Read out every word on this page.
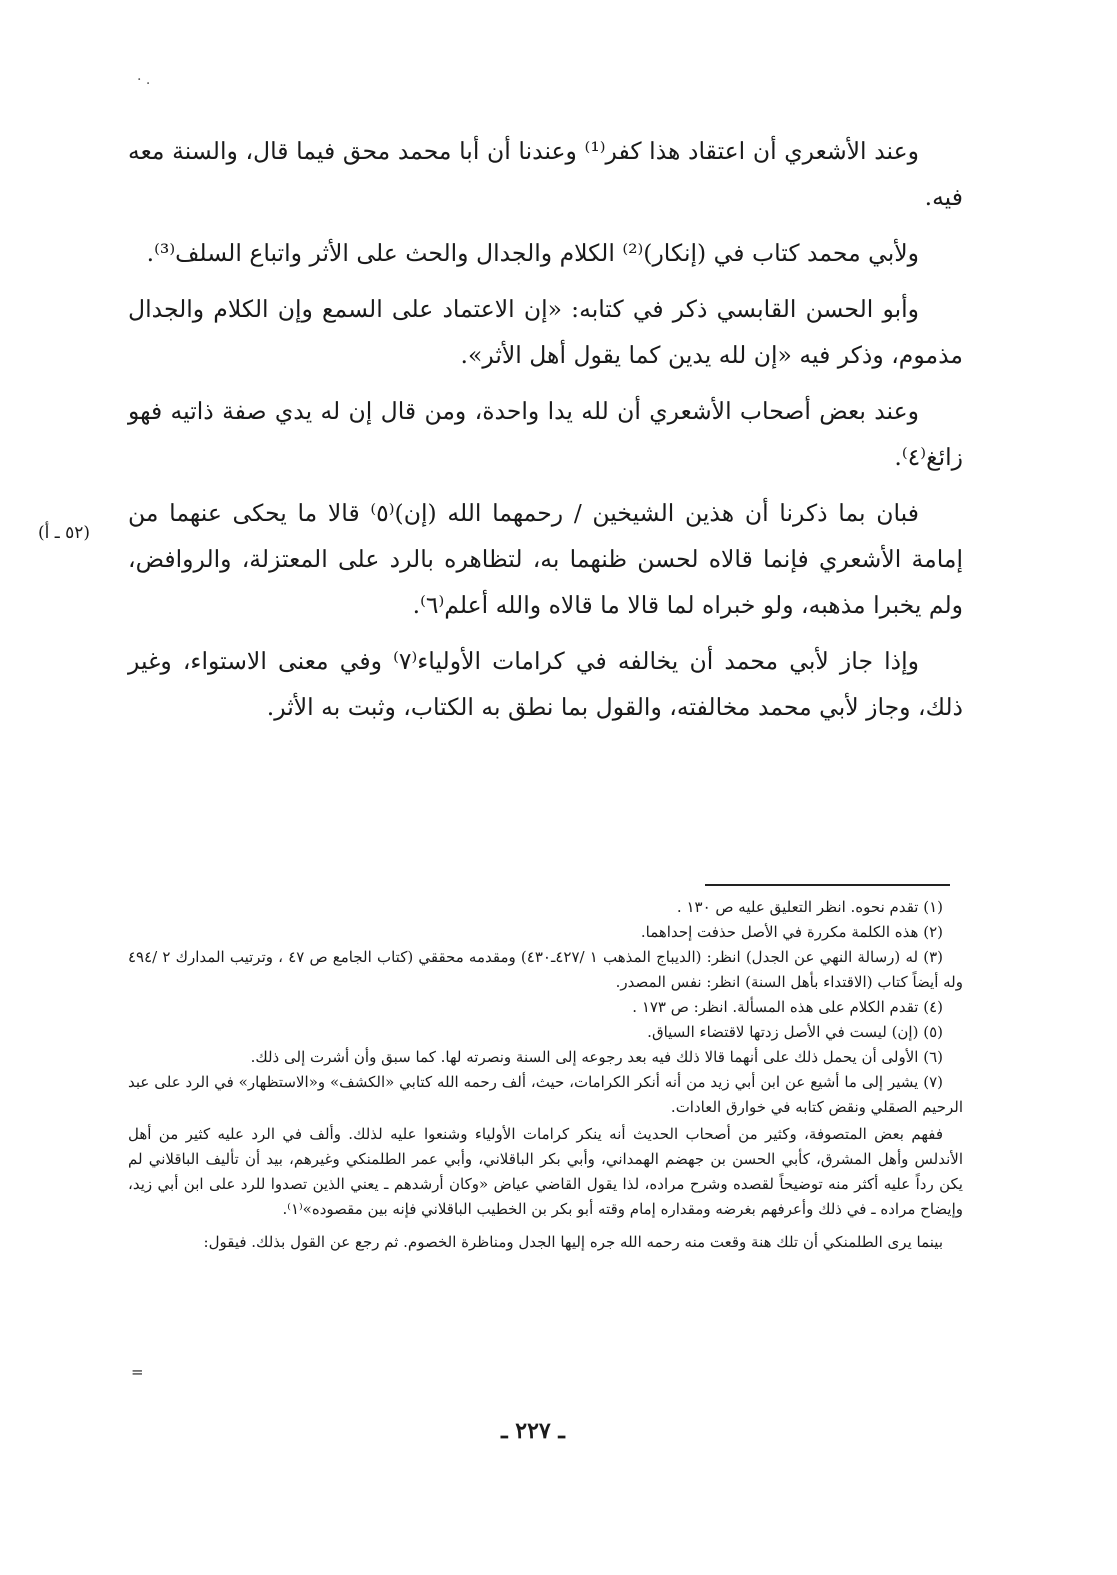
· .

وعند الأشعري أن اعتقاد هذا كفر⁽¹⁾ وعندنا أن أبا محمد محق فيما قال، والسنة معه فيه.

ولأبي محمد كتاب في (إنكار)⁽²⁾ الكلام والجدال والحث على الأثر واتباع السلف⁽³⁾.

وأبو الحسن القابسي ذكر في كتابه: «إن الاعتماد على السمع وإن الكلام والجدال مذموم، وذكر فيه «إن لله يدين كما يقول أهل الأثر».

وعند بعض أصحاب الأشعري أن لله يدا واحدة، ومن قال إن له يدي صفة ذاتيه فهو زائغ⁽٤⁾.

فبان بما ذكرنا أن هذين الشيخين / رحمهما الله (إن)⁽٥⁾ قالا ما يحكى عنهما من إمامة الأشعري فإنما قالاه لحسن ظنهما به، لتظاهره بالرد على المعتزلة، والروافض، ولم يخبرا مذهبه، ولو خبراه لما قالا ما قالاه والله أعلم⁽٦⁾.

وإذا جاز لأبي محمد أن يخالفه في كرامات الأولياء⁽٧⁾ وفي معنى الاستواء، وغير ذلك، وجاز لأبي محمد مخالفته، والقول بما نطق به الكتاب، وثبت به الأثر.

(٥٢ ـ أ)

(١) تقدم نحوه. انظر التعليق عليه ص ١٣٠ .

(٢) هذه الكلمة مكررة في الأصل حذفت إحداهما.

(٣) له (رسالة النهي عن الجدل) انظر: (الديباج المذهب ١ /٤٢٧ـ٤٣٠) ومقدمه محققي (كتاب الجامع ص ٤٧ ، وترتيب المدارك ٢ /٤٩٤ وله أيضاً كتاب (الاقتداء بأهل السنة) انظر: نفس المصدر.

(٤) تقدم الكلام على هذه المسألة. انظر: ص ١٧٣ .

(٥) (إن) ليست في الأصل زدتها لاقتضاء السياق.

(٦) الأولى أن يحمل ذلك على أنهما قالا ذلك فيه بعد رجوعه إلى السنة ونصرته لها. كما سبق وأن أشرت إلى ذلك.

(٧) يشير إلى ما أشيع عن ابن أبي زيد من أنه أنكر الكرامات، حيث، ألف رحمه الله كتابي «الكشف» و«الاستظهار» في الرد على عبد الرحيم الصقلي ونقض كتابه في خوارق العادات.

ففهم بعض المتصوفة، وكثير من أصحاب الحديث أنه ينكر كرامات الأولياء وشنعوا عليه لذلك. وألف في الرد عليه كثير من أهل الأندلس وأهل المشرق، كأبي الحسن بن جهضم الهمداني، وأبي بكر الباقلاني، وأبي عمر الطلمنكي وغيرهم، بيد أن تأليف الباقلاني لم يكن رداً عليه أكثر منه توضيحاً لقصده وشرح مراده، لذا يقول القاضي عياض «وكان أرشدهم ـ يعني الذين تصدوا للرد على ابن أبي زيد، وإيضاح مراده ـ في ذلك وأعرفهم بغرضه ومقداره إمام وقته أبو بكر بن الخطيب الباقلاني فإنه بين مقصوده»⁽١⁾.

بينما يرى الطلمنكي أن تلك هنة وقعت منه رحمه الله جره إليها الجدل ومناظرة الخصوم. ثم رجع عن القول بذلك. فيقول:

=
ـ ٢٢٧ ـ
